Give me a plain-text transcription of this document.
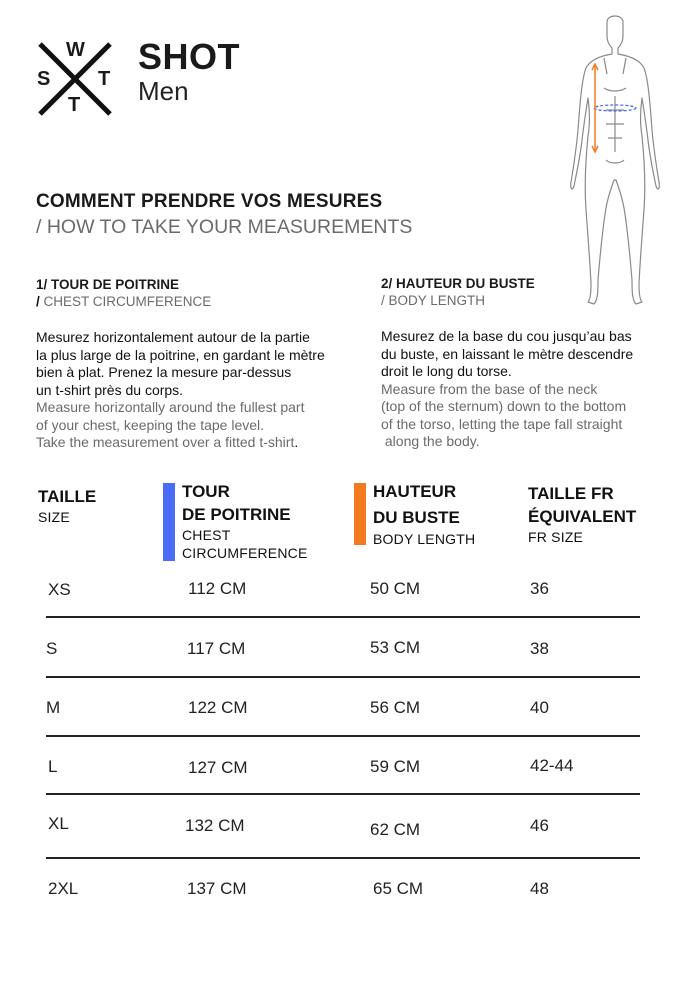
W
S T
T
SHOT
Men
COMMENT PRENDRE VOS MESURES
/ HOW TO TAKE YOUR MEASUREMENTS
1/ TOUR DE POITRINE
/ CHEST CIRCUMFERENCE
Mesurez horizontalement autour de la partie
la plus large de la poitrine, en gardant le mètre
bien à plat. Prenez la mesure par-dessus
un t-shirt près du corps.
Measure horizontally around the fullest part
of your chest, keeping the tape level.
Take the measurement over a fitted t-shirt.
2/ HAUTEUR DU BUSTE
/ BODY LENGTH
Mesurez de la base du cou jusqu’au bas
du buste, en laissant le mètre descendre
droit le long du torse.
Measure from the base of the neck
(top of the sternum) down to the bottom
of the torso, letting the tape fall straight
along the body.
TAILLE
SIZE
TOUR
DE POITRINE
CHEST
CIRCUMFERENCE
HAUTEUR
DU BUSTE
BODY LENGTH
TAILLE FR
ÉQUIVALENT
FR SIZE
XS	112 CM	50 CM	36
S	117 CM	53 CM	38
M	122 CM	56 CM	40
L	127 CM	59 CM	42-44
XL	132 CM	62 CM	46
2XL	137 CM	65 CM	48
